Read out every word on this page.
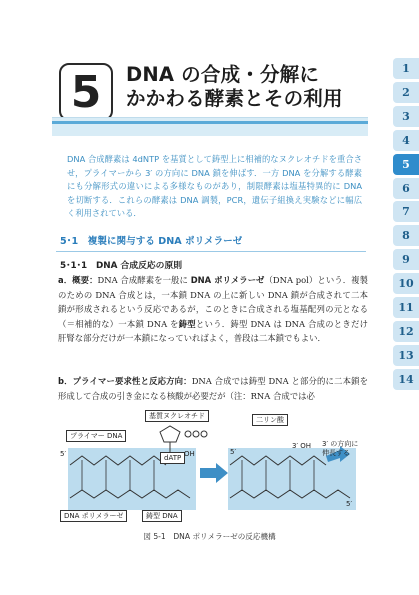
5 DNA の合成・分解に
かかわる酵素とその利用
1
2
3
4
5
6
7
8
9
10
11
12
13
14
DNA 合成酵素は 4dNTP を基質として鋳型上に相補的なヌクレオチドを重合させ，プライマーから 3′ の方向に DNA 鎖を伸ばす．一方 DNA を分解する酵素にも分解形式の違いによる多様なものがあり，制限酵素は塩基特異的に DNA を切断する．これらの酵素は DNA 調製，PCR，遺伝子組換え実験などに幅広く利用されている．
5･1　複製に関与する DNA ポリメラーゼ
5･1･1　DNA 合成反応の原則
a．概要：DNA 合成酵素を一般に DNA ポリメラーゼ（DNA pol）という．複製のための DNA 合成とは，一本鎖 DNA の上に新しい DNA 鎖が合成されて二本鎖が形成されるという反応であるが，このときに合成される塩基配列の元となる（＝相補的な）一本鎖 DNA を鋳型という．鋳型 DNA は DNA 合成のときだけ肝腎な部分だけが一本鎖になっていればよく，普段は二本鎖でもよい．
b．プライマー要求性と反応方向：DNA 合成では鋳型 DNA と部分的に二本鎖を形成して合成の引き金になる核酸が必要だが（注：RNA 合成では必
基質ヌクレオチド	二リン酸
プライマー DNA
dATP
DNA ポリメラーゼ	鋳型 DNA
3′ の方向に伸長する
5′	OH	5′
3′ OH
5′
図 5-1　DNA ポリメラーゼの反応機構
